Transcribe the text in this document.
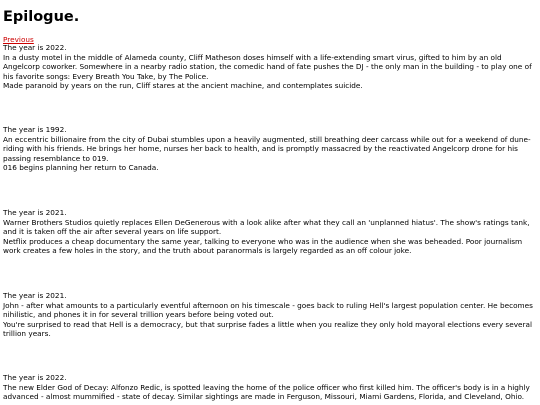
Epilogue.
Previous
The year is 2022.
In a dusty motel in the middle of Alameda county, Cliff Matheson doses himself with a life-extending smart virus, gifted to him by an old Angelcorp coworker. Somewhere in a nearby radio station, the comedic hand of fate pushes the DJ - the only man in the building - to play one of his favorite songs: Every Breath You Take, by The Police.
Made paranoid by years on the run, Cliff stares at the ancient machine, and contemplates suicide.
The year is 1992.
An eccentric billionaire from the city of Dubai stumbles upon a heavily augmented, still breathing deer carcass while out for a weekend of dune-riding with his friends. He brings her home, nurses her back to health, and is promptly massacred by the reactivated Angelcorp drone for his passing resemblance to 019.
016 begins planning her return to Canada.
The year is 2021.
Warner Brothers Studios quietly replaces Ellen DeGenerous with a look alike after what they call an 'unplanned hiatus'. The show's ratings tank, and it is taken off the air after several years on life support.
Netflix produces a cheap documentary the same year, talking to everyone who was in the audience when she was beheaded. Poor journalism work creates a few holes in the story, and the truth about paranormals is largely regarded as an off colour joke.
The year is 2021.
John - after what amounts to a particularly eventful afternoon on his timescale - goes back to ruling Hell's largest population center. He becomes nihilistic, and phones it in for several trillion years before being voted out.
You're surprised to read that Hell is a democracy, but that surprise fades a little when you realize they only hold mayoral elections every several trillion years.
The year is 2022.
The new Elder God of Decay: Alfonzo Redic, is spotted leaving the home of the police officer who first killed him. The officer's body is in a highly advanced - almost mummified - state of decay. Similar sightings are made in Ferguson, Missouri, Miami Gardens, Florida, and Cleveland, Ohio.
